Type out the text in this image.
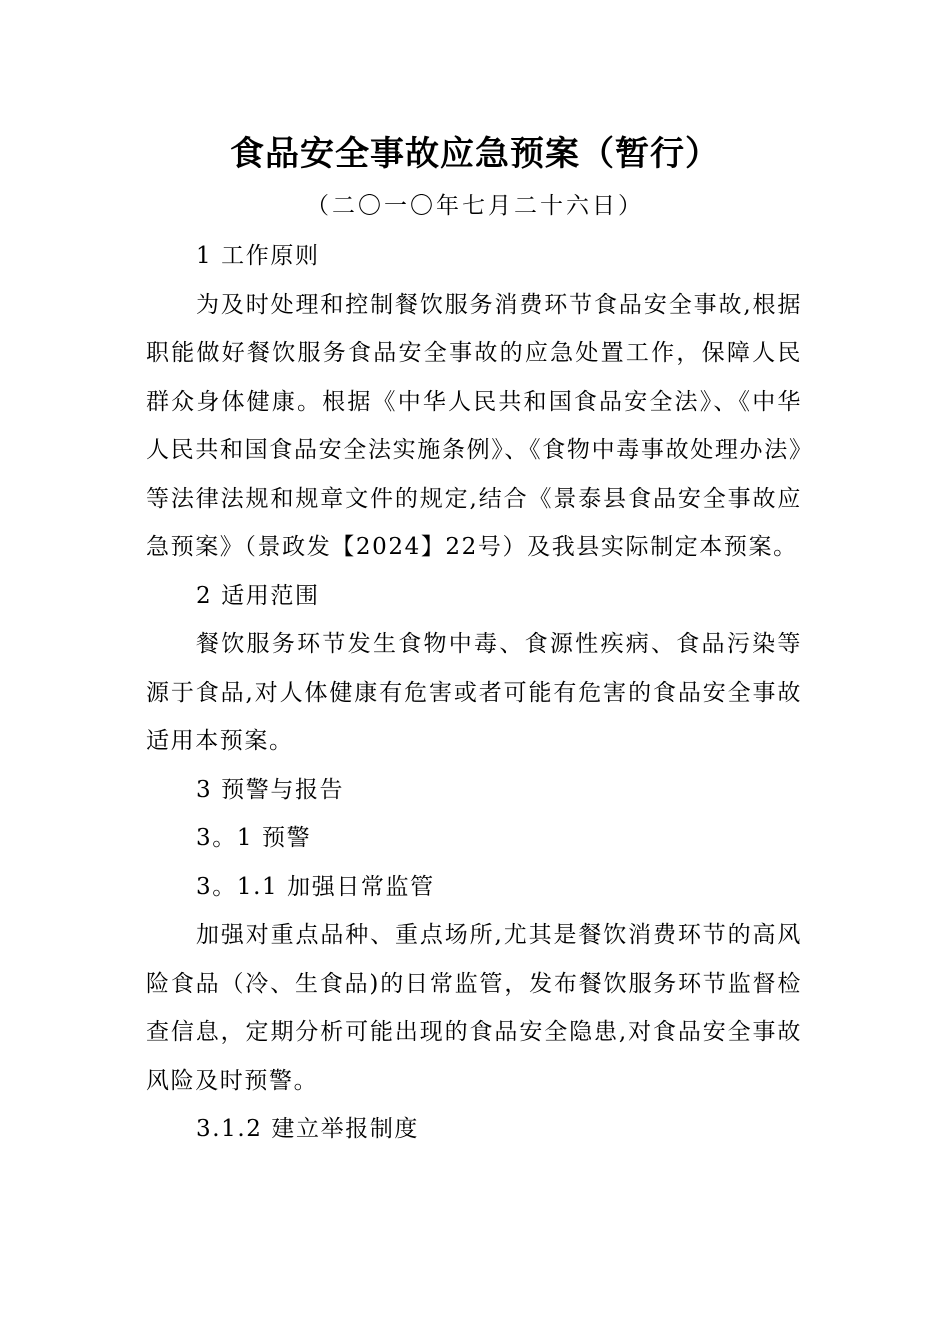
食品安全事故应急预案（暂行）
（二〇一〇年七月二十六日）

1 工作原则

为及时处理和控制餐饮服务消费环节食品安全事故,根据职能做好餐饮服务食品安全事故的应急处置工作，保障人民群众身体健康。根据《中华人民共和国食品安全法》、《中华人民共和国食品安全法实施条例》、《食物中毒事故处理办法》等法律法规和规章文件的规定,结合《景泰县食品安全事故应急预案》（景政发【2024】22号）及我县实际制定本预案。

2 适用范围

餐饮服务环节发生食物中毒、食源性疾病、食品污染等源于食品,对人体健康有危害或者可能有危害的食品安全事故适用本预案。

3 预警与报告

3。1 预警

3。1.1 加强日常监管

加强对重点品种、重点场所,尤其是餐饮消费环节的高风险食品（冷、生食品)的日常监管，发布餐饮服务环节监督检查信息，定期分析可能出现的食品安全隐患,对食品安全事故风险及时预警。

3.1.2 建立举报制度
